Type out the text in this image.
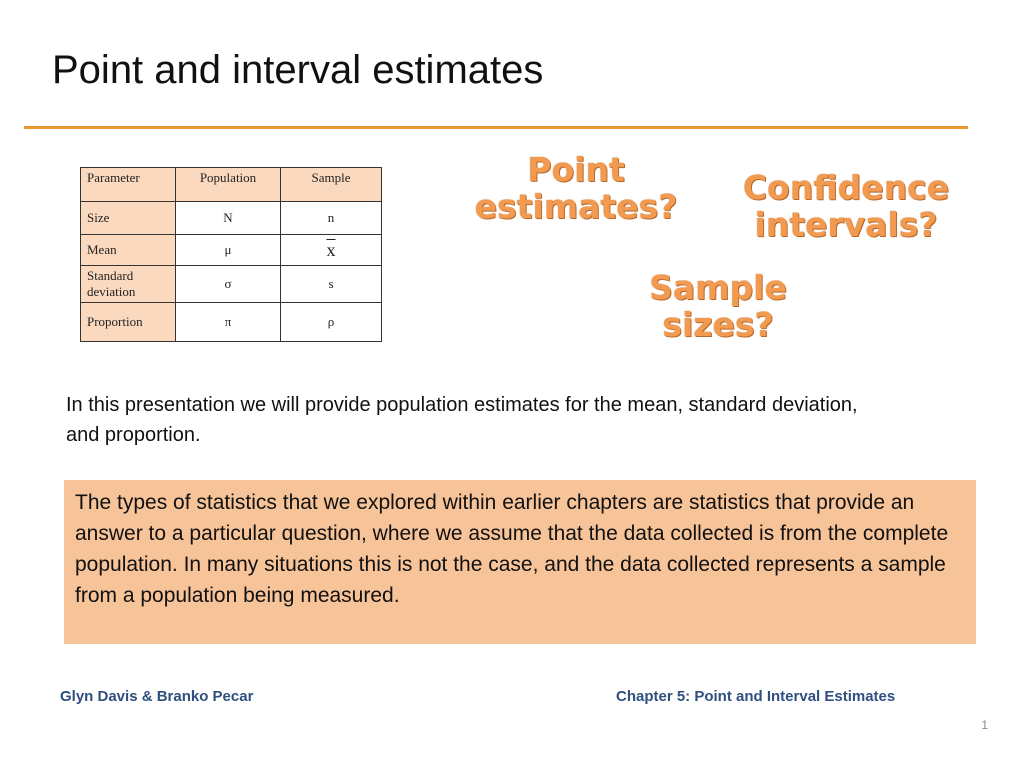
Point and interval estimates
Parameter	Population	Sample
Size	N	n
Mean	μ	$\overline{x}$
Standard deviation	σ	s
Proportion	π	ρ
Point
estimates? Confidence
intervals?
Sample
sizes?

In this presentation we will provide population estimates for the mean, standard deviation, and proportion.

The types of statistics that we explored within earlier chapters are statistics that provide an answer to a particular question, where we assume that the data collected is from the complete population. In many situations this is not the case, and the data collected represents a sample from a population being measured.
Glyn Davis & Branko Pecar	Chapter 5: Point and Interval Estimates
1
